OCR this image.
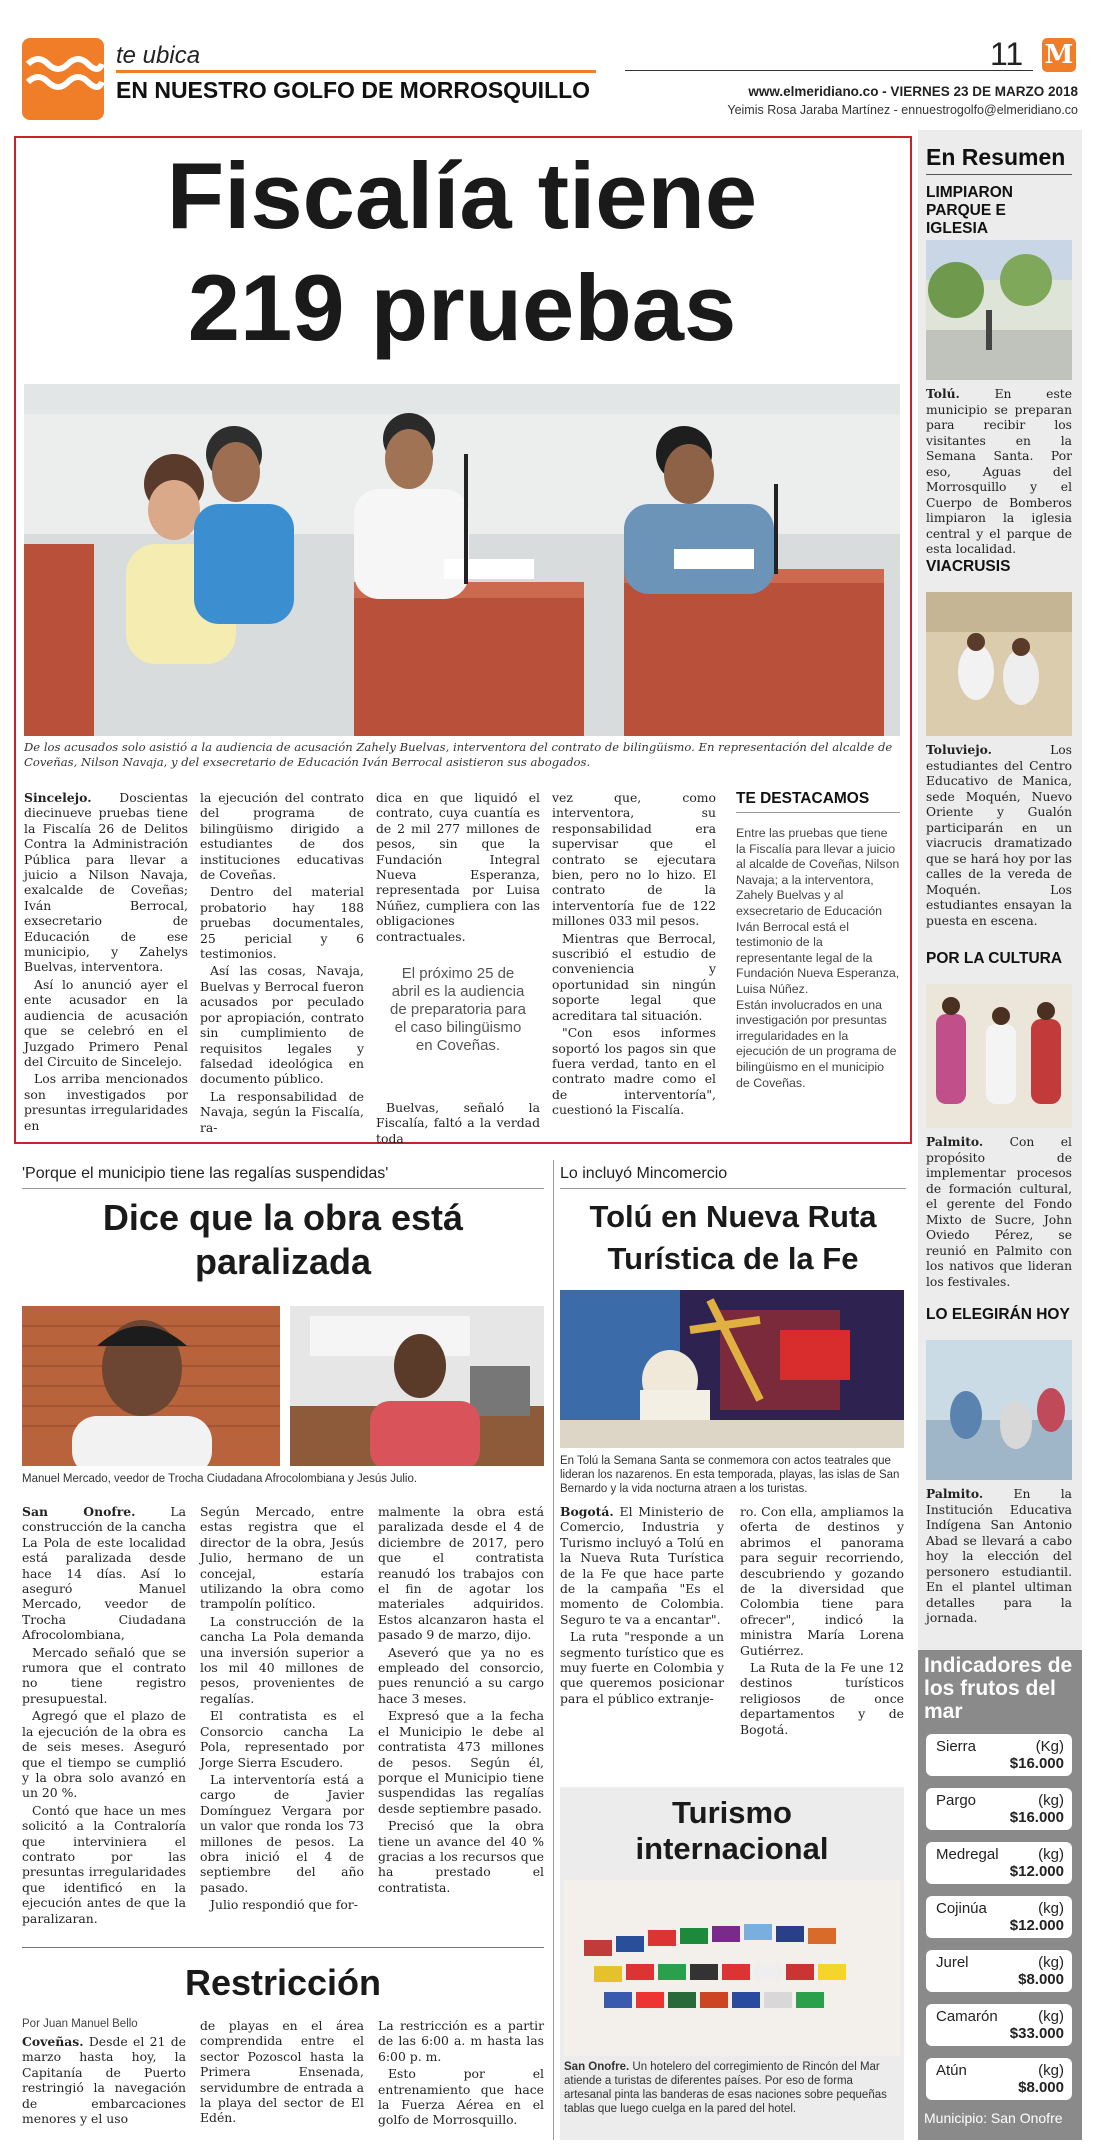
te ubica
EN NUESTRO GOLFO DE MORROSQUILLO
11 M
www.elmeridiano.co - VIERNES 23 DE MARZO 2018
Yeimis Rosa Jaraba Martínez - ennuestrogolfo@elmeridiano.co
Fiscalía tiene
219 pruebas
De los acusados solo asistió a la audiencia de acusación Zahely Buelvas, interventora del contrato de bilingüismo. En representación del alcalde de Coveñas, Nilson Navaja, y del exsecretario de Educación Iván Berrocal asistieron sus abogados.

Sincelejo. Doscientas diecinueve pruebas tiene la Fiscalía 26 de Delitos Contra la Administración Pública para llevar a juicio a Nilson Navaja, exalcalde de Coveñas; Iván Berrocal, exsecretario de Educación de ese municipio, y Zahelys Buelvas, interventora.

Así lo anunció ayer el ente acusador en la audiencia de acusación que se celebró en el Juzgado Primero Penal del Circuito de Sincelejo.

Los arriba mencionados son investigados por presuntas irregularidades en

la ejecución del contrato del programa de bilingüismo dirigido a estudiantes de dos instituciones educativas de Coveñas.

Dentro del material probatorio hay 188 pruebas documentales, 25 pericial y 6 testimonios.

Así las cosas, Navaja, Buelvas y Berrocal fueron acusados por peculado por apropiación, contrato sin cumplimiento de requisitos legales y falsedad ideológica en documento público.

La responsabilidad de Navaja, según la Fiscalía, ra-

dica en que liquidó el contrato, cuya cuantía es de 2 mil 277 millones de pesos, sin que la Fundación Integral Nueva Esperanza, representada por Luisa Núñez, cumpliera con las obligaciones contractuales.

El próximo 25 de abril es la audiencia de preparatoria para el caso bilingüismo en Coveñas.

Buelvas, señaló la Fiscalía, faltó a la verdad toda

vez que, como interventora, su responsabilidad era supervisar que el contrato se ejecutara bien, pero no lo hizo. El contrato de la interventoría fue de 122 millones 033 mil pesos.

Mientras que Berrocal, suscribió el estudio de conveniencia y oportunidad sin ningún soporte legal que acreditara tal situación.

"Con esos informes soportó los pagos sin que fuera verdad, tanto en el contrato madre como el de interventoría", cuestionó la Fiscalía.

TE DESTACAMOS
Entre las pruebas que tiene la Fiscalía para llevar a juicio al alcalde de Coveñas, Nilson Navaja; a la interventora, Zahely Buelvas y al exsecretario de Educación Iván Berrocal está el testimonio de la representante legal de la Fundación Nueva Esperanza, Luisa Núñez.
Están involucrados en una investigación por presuntas irregularidades en la ejecución de un programa de bilingüismo en el municipio de Coveñas.
'Porque el municipio tiene las regalías suspendidas'
Dice que la obra está
paralizada
Manuel Mercado, veedor de Trocha Ciudadana Afrocolombiana y Jesús Julio.

San Onofre. La construcción de la cancha La Pola de este localidad está paralizada desde hace 14 días. Así lo aseguró Manuel Mercado, veedor de Trocha Ciudadana Afrocolombiana,

Mercado señaló que se rumora que el contrato no tiene registro presupuestal.

Agregó que el plazo de la ejecución de la obra es de seis meses. Aseguró que el tiempo se cumplió y la obra solo avanzó en un 20 %.

Contó que hace un mes solicitó a la Contraloría que interviniera el contrato por las presuntas irregularidades que identificó en la ejecución antes de que la paralizaran.

Según Mercado, entre estas registra que el director de la obra, Jesús Julio, hermano de un concejal, estaría utilizando la obra como trampolín político.

La construcción de la cancha La Pola demanda una inversión superior a los mil 40 millones de pesos, provenientes de regalías.

El contratista es el Consorcio cancha La Pola, representado por Jorge Sierra Escudero.

La interventoría está a cargo de Javier Domínguez Vergara por un valor que ronda los 73 millones de pesos. La obra inició el 4 de septiembre del año pasado.

Julio respondió que for-

malmente la obra está paralizada desde el 4 de diciembre de 2017, pero que el contratista reanudó los trabajos con el fin de agotar los materiales adquiridos. Estos alcanzaron hasta el pasado 9 de marzo, dijo.

Aseveró que ya no es empleado del consorcio, pues renunció a su cargo hace 3 meses.

Expresó que a la fecha el Municipio le debe al contratista 473 millones de pesos. Según él, porque el Municipio tiene suspendidas las regalías desde septiembre pasado.

Precisó que la obra tiene un avance del 40 % gracias a los recursos que ha prestado el contratista.

Restricción
Por Juan Manuel Bello

Coveñas. Desde el 21 de marzo hasta hoy, la Capitanía de Puerto restringió la navegación de embarcaciones menores y el uso

de playas en el área comprendida entre el sector Pozoscol hasta la Primera Ensenada, servidumbre de entrada a la playa del sector de El Edén.

La restricción es a partir de las 6:00 a. m hasta las 6:00 p. m.

Esto por el entrenamiento que hace la Fuerza Aérea en el golfo de Morrosquillo.

Lo incluyó Mincomercio
Tolú en Nueva Ruta
Turística de la Fe
En Tolú la Semana Santa se conmemora con actos teatrales que lideran los nazarenos. En esta temporada, playas, las islas de San Bernardo y la vida nocturna atraen a los turistas.

Bogotá. El Ministerio de Comercio, Industria y Turismo incluyó a Tolú en la Nueva Ruta Turística de la Fe que hace parte de la campaña "Es el momento de Colombia. Seguro te va a encantar".

La ruta "responde a un segmento turístico que es muy fuerte en Colombia y que queremos posicionar para el público extranje-

ro. Con ella, ampliamos la oferta de destinos y abrimos el panorama para seguir recorriendo, descubriendo y gozando de la diversidad que Colombia tiene para ofrecer", indicó la ministra María Lorena Gutiérrez.

La Ruta de la Fe une 12 destinos turísticos religiosos de once departamentos y de Bogotá.

Turismo
internacional
San Onofre. Un hotelero del corregimiento de Rincón del Mar atiende a turistas de diferentes países. Por eso de forma artesanal pinta las banderas de esas naciones sobre pequeñas tablas que luego cuelga en la pared del hotel.
En Resumen
LIMPIARON PARQUE E IGLESIA
Tolú. En este municipio se preparan para recibir los visitantes en la Semana Santa. Por eso, Aguas del Morrosquillo y el Cuerpo de Bomberos limpiaron la iglesia central y el parque de esta localidad.
VIACRUSIS
Toluviejo. Los estudiantes del Centro Educativo de Manica, sede Moquén, Nuevo Oriente y Gualón participarán en un viacrucis dramatizado que se hará hoy por las calles de la vereda de Moquén. Los estudiantes ensayan la puesta en escena.
POR LA CULTURA
Palmito. Con el propósito de implementar procesos de formación cultural, el gerente del Fondo Mixto de Sucre, John Oviedo Pérez, se reunió en Palmito con los nativos que lideran los festivales.
LO ELEGIRÁN HOY
Palmito. En la Institución Educativa Indígena San Antonio Abad se llevará a cabo hoy la elección del personero estudiantil. En el plantel ultiman detalles para la jornada.
Indicadores de los frutos del mar
Sierra	(Kg)
$16.000
Pargo	(kg)
$16.000
Medregal	(kg)
$12.000
Cojinúa	(kg)
$12.000
Jurel	(kg)
$8.000
Camarón	(kg)
$33.000
Atún	(kg)
$8.000
Municipio: San Onofre
